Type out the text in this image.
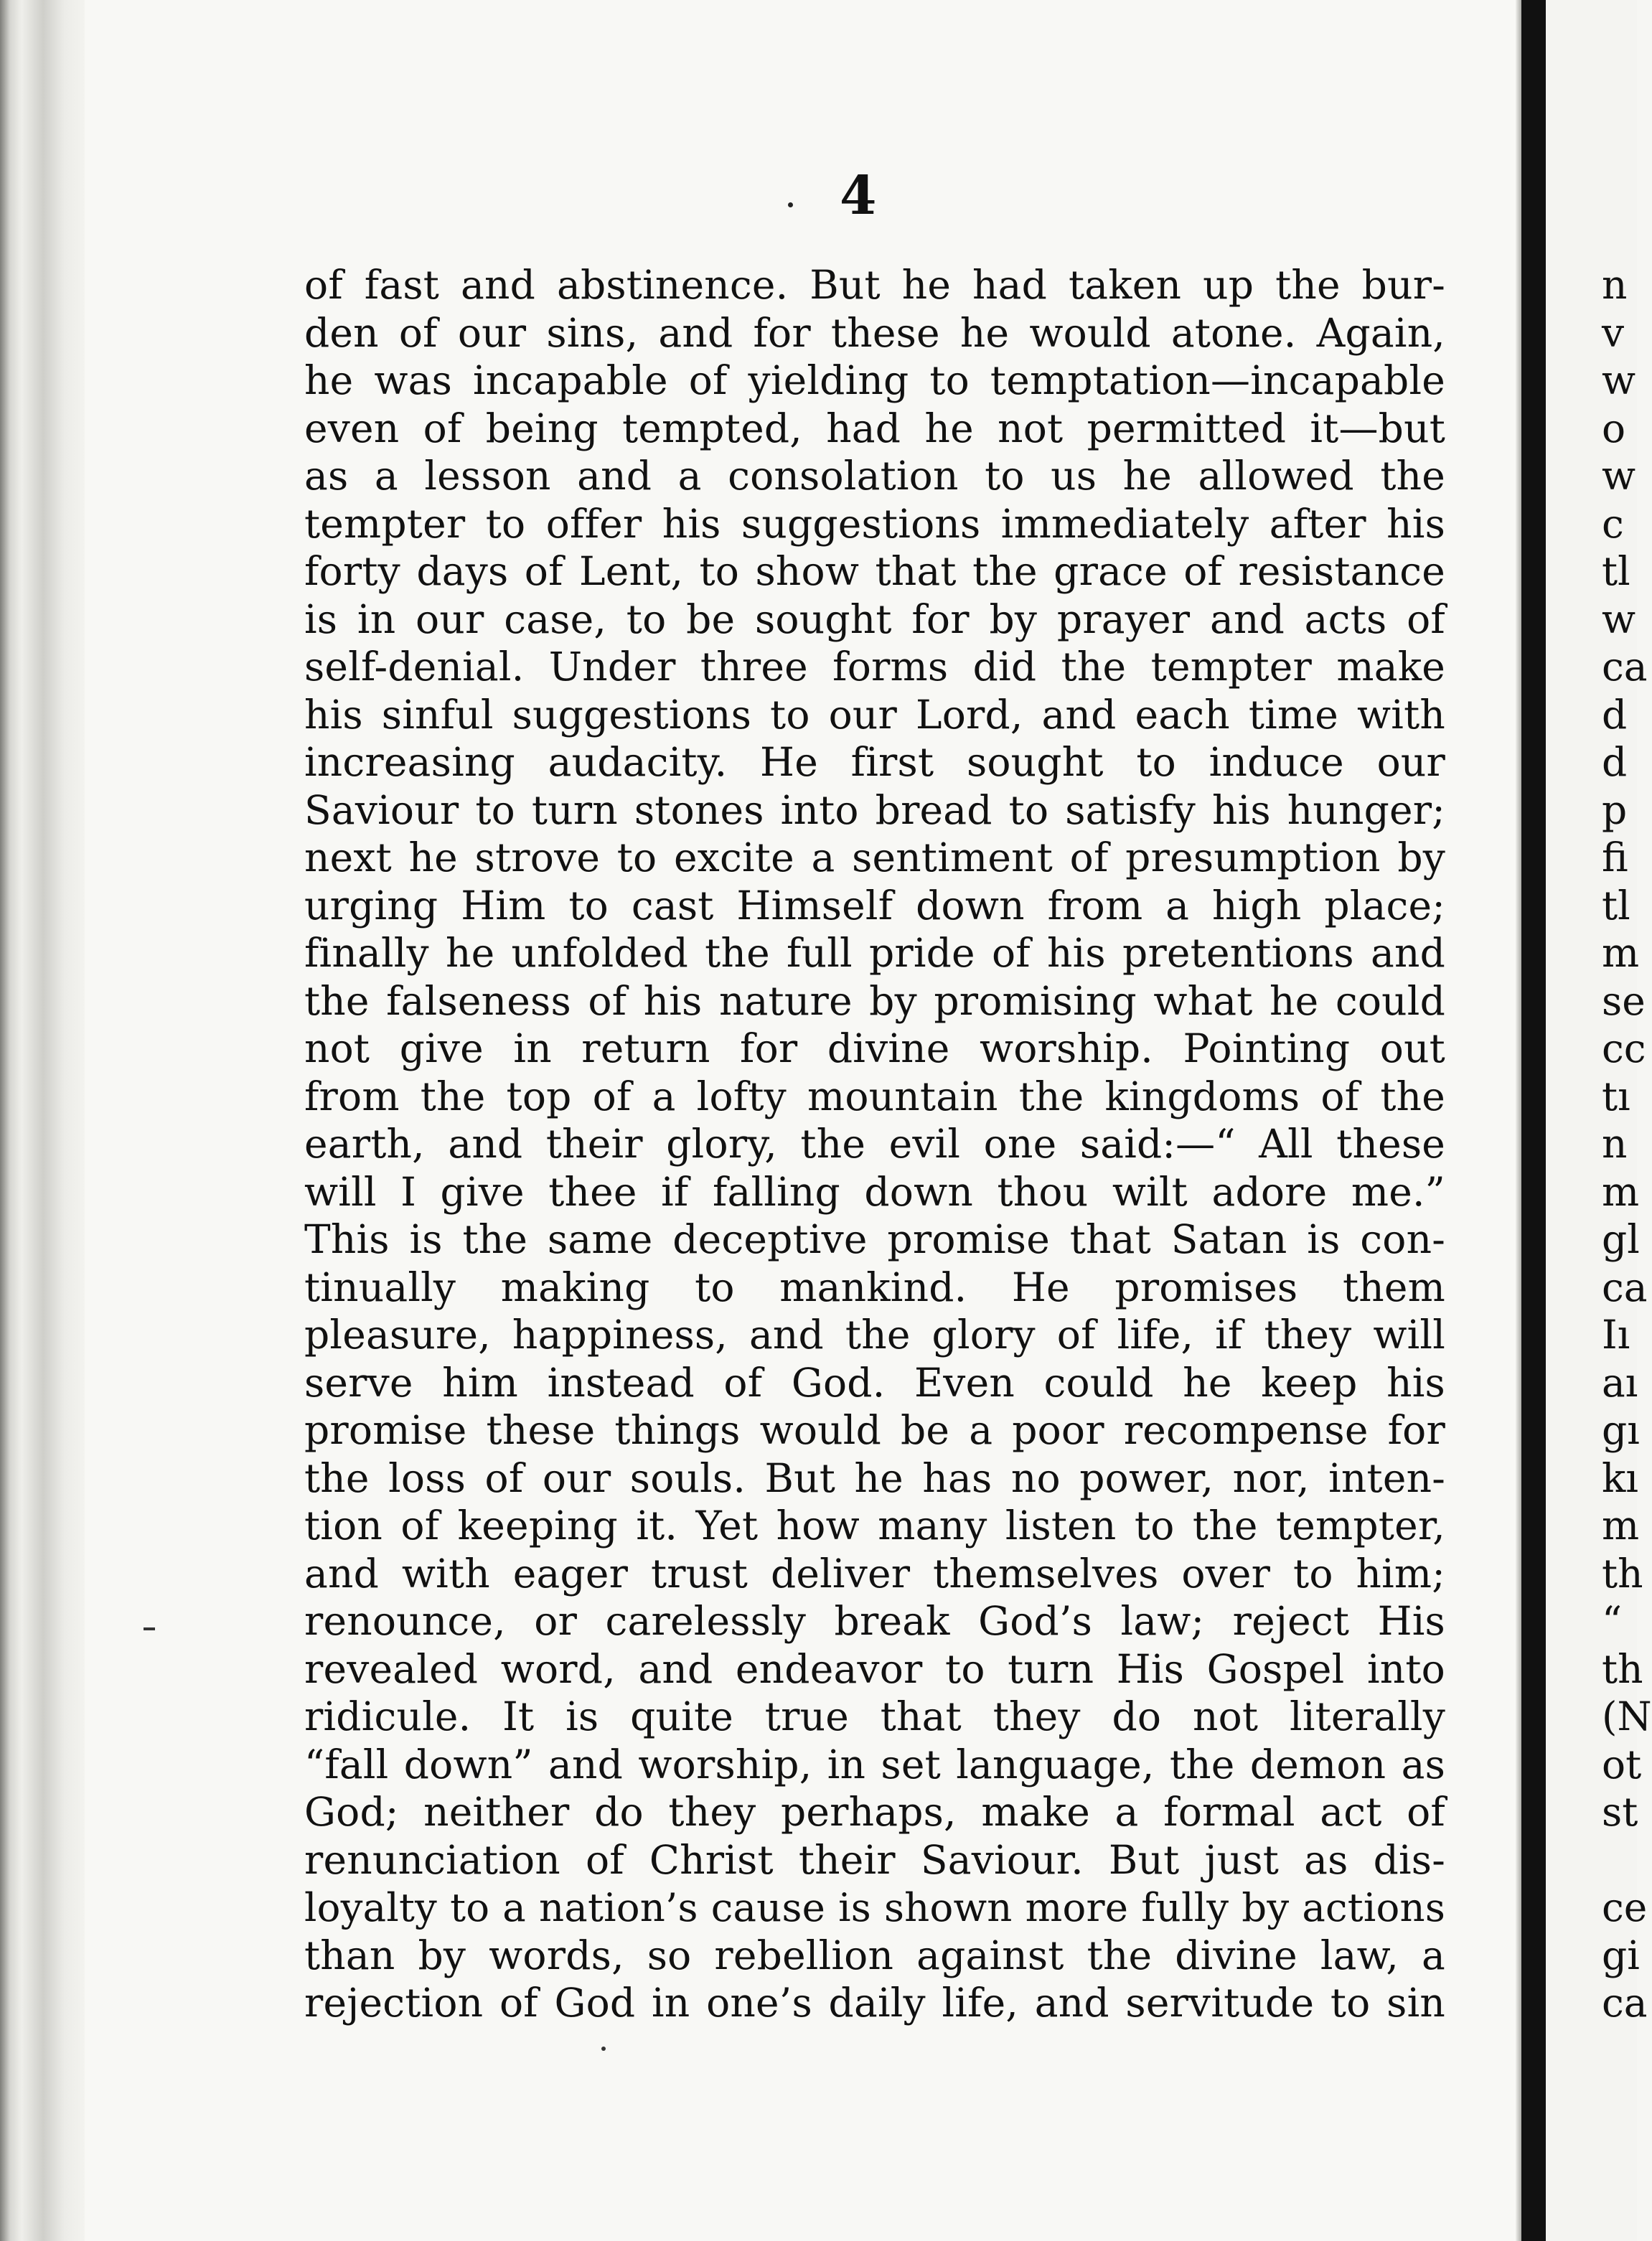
4
of fast and abstinence. But he had taken up the bur-
den of our sins, and for these he would atone. Again,
he was incapable of yielding to temptation—incapable
even of being tempted, had he not permitted it—but
as a lesson and a consolation to us he allowed the
tempter to offer his suggestions immediately after his
forty days of Lent, to show that the grace of resistance
is in our case, to be sought for by prayer and acts of
self-denial. Under three forms did the tempter make
his sinful suggestions to our Lord, and each time with
increasing audacity. He first sought to induce our
Saviour to turn stones into bread to satisfy his hunger;
next he strove to excite a sentiment of presumption by
urging Him to cast Himself down from a high place;
finally he unfolded the full pride of his pretentions and
the falseness of his nature by promising what he could
not give in return for divine worship. Pointing out
from the top of a lofty mountain the kingdoms of the
earth, and their glory, the evil one said:—“ All these
will I give thee if falling down thou wilt adore me.”
This is the same deceptive promise that Satan is con-
tinually making to mankind. He promises them
pleasure, happiness, and the glory of life, if they will
serve him instead of God. Even could he keep his
promise these things would be a poor recompense for
the loss of our souls. But he has no power, nor, inten-
tion of keeping it. Yet how many listen to the tempter,
and with eager trust deliver themselves over to him;
renounce, or carelessly break God’s law; reject His
revealed word, and endeavor to turn His Gospel into
ridicule. It is quite true that they do not literally
“fall down” and worship, in set language, the demon as
God; neither do they perhaps, make a formal act of
renunciation of Christ their Saviour. But just as dis-
loyalty to a nation’s cause is shown more fully by actions
than by words, so rebellion against the divine law, a
rejection of God in one’s daily life, and servitude to sin
n
v
w
o
w
c
tl
w
ca
d
d
p
fi
tl
m
se
cc
tı
n
m
gl
ca
Iı
aı
gı
kı
m
th
“
th
(N
ot
st
ce
gi
ca
